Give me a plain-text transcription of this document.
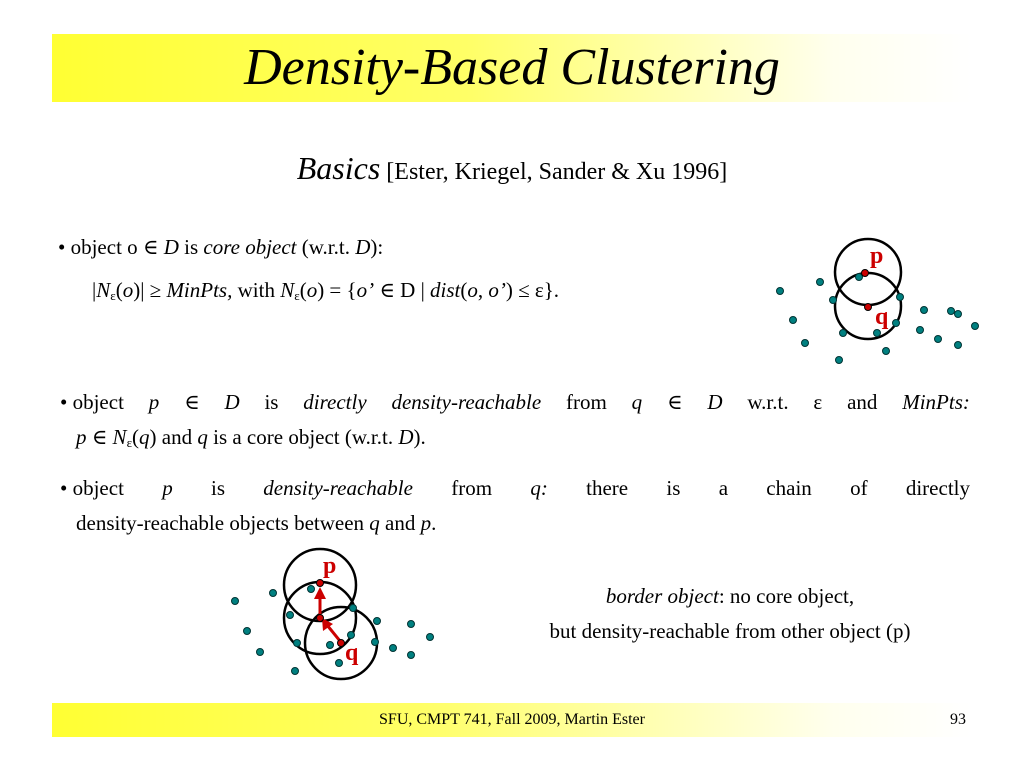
Density-Based Clustering
Basics [Ester, Kriegel, Sander & Xu 1996]
• object o ∈ D is core object (w.r.t. D):
$|N_\varepsilon(o)|$ ≥ MinPts, with $N_\varepsilon(o) = \{o$’ ∈ D | dist(o, o’) ≤ ε}.
p
q
• object p ∈ D is directly density-reachable from q ∈ D w.r.t. ε and MinPts:
p ∈ $N_\varepsilon(q)$ and q is a core object (w.r.t. D).
• object p is density-reachable from q: there is a chain of directly
density-reachable objects between q and p.
p
q
border object: no core object,
but density-reachable from other object (p)
SFU, CMPT 741, Fall 2009, Martin Ester	93
